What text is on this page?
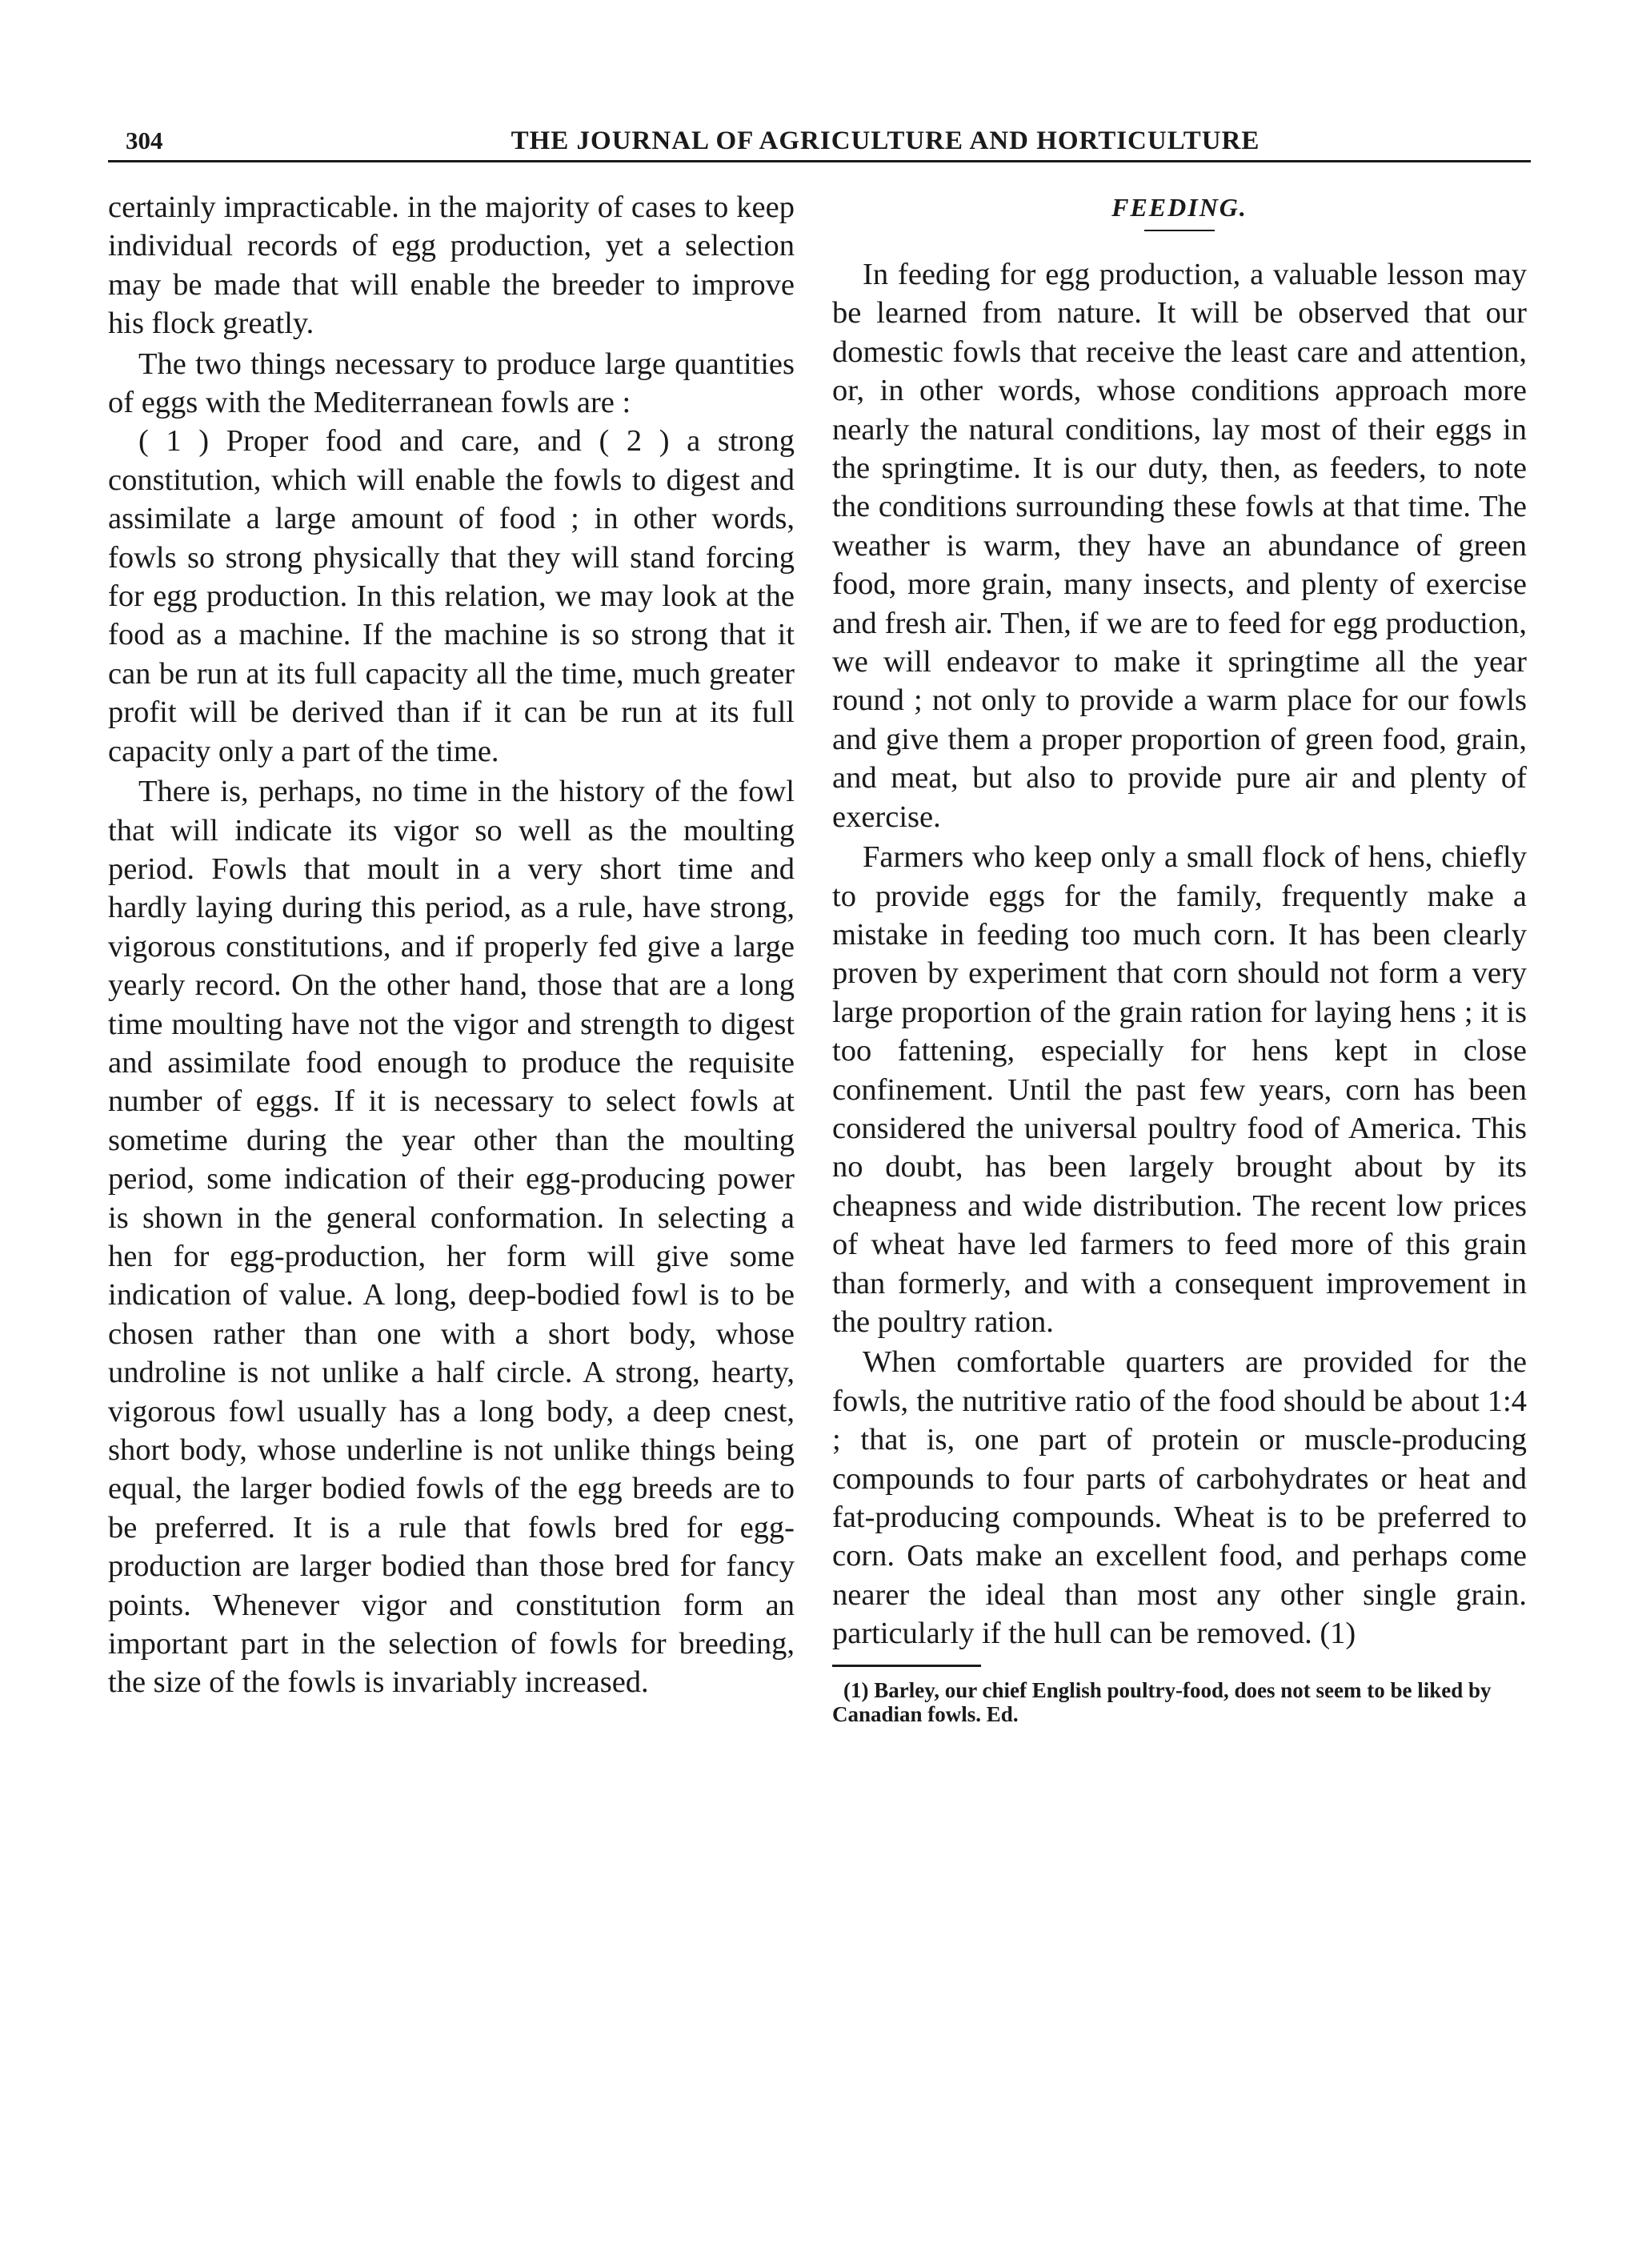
304	THE JOURNAL OF AGRICULTURE AND HORTICULTURE

certainly impracticable. in the majority of cases to keep individual records of egg production, yet a selection may be made that will enable the breeder to improve his flock greatly.

The two things necessary to produce large quantities of eggs with the Mediterranean fowls are :

( 1 ) Proper food and care, and ( 2 ) a strong constitution, which will enable the fowls to digest and assimilate a large amount of food ; in other words, fowls so strong physically that they will stand forcing for egg production. In this relation, we may look at the food as a machine. If the machine is so strong that it can be run at its full capacity all the time, much greater profit will be derived than if it can be run at its full capacity only a part of the time.

There is, perhaps, no time in the history of the fowl that will indicate its vigor so well as the moulting period. Fowls that moult in a very short time and hardly laying during this period, as a rule, have strong, vigorous constitutions, and if properly fed give a large yearly record. On the other hand, those that are a long time moulting have not the vigor and strength to digest and assimilate food enough to produce the requisite number of eggs. If it is necessary to select fowls at sometime during the year other than the moulting period, some indication of their egg-producing power is shown in the general conformation. In selecting a hen for egg-production, her form will give some indication of value. A long, deep-bodied fowl is to be chosen rather than one with a short body, whose undroline is not unlike a half circle. A strong, hearty, vigorous fowl usually has a long body, a deep cnest, short body, whose underline is not unlike things being equal, the larger bodied fowls of the egg breeds are to be preferred. It is a rule that fowls bred for egg-production are larger bodied than those bred for fancy points. Whenever vigor and constitution form an important part in the selection of fowls for breeding, the size of the fowls is invariably increased.

FEEDING.

In feeding for egg production, a valuable lesson may be learned from nature. It will be observed that our domestic fowls that receive the least care and attention, or, in other words, whose conditions approach more nearly the natural conditions, lay most of their eggs in the springtime. It is our duty, then, as feeders, to note the conditions surrounding these fowls at that time. The weather is warm, they have an abundance of green food, more grain, many insects, and plenty of exercise and fresh air. Then, if we are to feed for egg production, we will endeavor to make it springtime all the year round ; not only to provide a warm place for our fowls and give them a proper proportion of green food, grain, and meat, but also to provide pure air and plenty of exercise.

Farmers who keep only a small flock of hens, chiefly to provide eggs for the family, frequently make a mistake in feeding too much corn. It has been clearly proven by experiment that corn should not form a very large proportion of the grain ration for laying hens ; it is too fattening, especially for hens kept in close confinement. Until the past few years, corn has been considered the universal poultry food of America. This no doubt, has been largely brought about by its cheapness and wide distribution. The recent low prices of wheat have led farmers to feed more of this grain than formerly, and with a consequent improvement in the poultry ration.

When comfortable quarters are provided for the fowls, the nutritive ratio of the food should be about 1:4 ; that is, one part of protein or muscle-producing compounds to four parts of carbohydrates or heat and fat-producing compounds. Wheat is to be preferred to corn. Oats make an excellent food, and perhaps come nearer the ideal than most any other single grain. particularly if the hull can be removed. (1)

(1) Barley, our chief English poultry-food, does not seem to be liked by Canadian fowls. Ed.
